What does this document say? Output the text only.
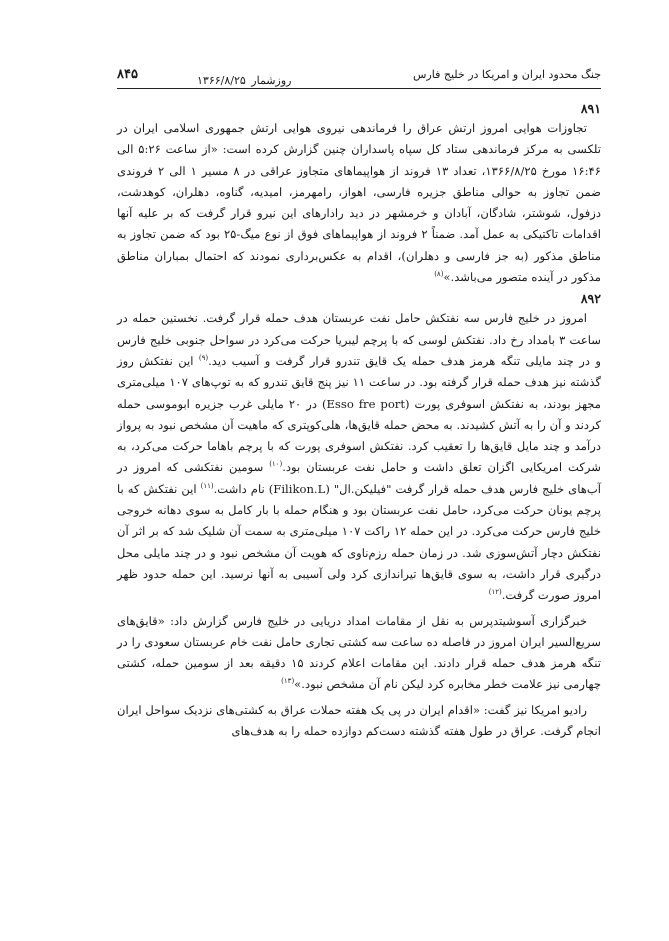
جنگ محدود ایران و امریکا در خلیج فارس
روزشمار ۱۳۶۶/۸/۲۵
۸۴۵
۸۹۱

تجاوزات هوایی امروز ارتش عراق را فرماندهی نیروی هوایی ارتش جمهوری اسلامی ایران در تلکسی به مرکز فرماندهی ستاد کل سپاه پاسداران چنین گزارش کرده است: «از ساعت ۵:۲۶ الی ۱۶:۴۶ مورخ ۱۳۶۶/۸/۲۵، تعداد ۱۳ فروند از هواپیماهای متجاوز عراقی در ۸ مسیر ۱ الی ۲ فروندی ضمن تجاوز به حوالی مناطق جزیره فارسی، اهواز، رامهرمز، امیدیه، گناوه، دهلران، کوهدشت، دزفول، شوشتر، شادگان، آبادان و خرمشهر در دید رادارهای این نیرو قرار گرفت که بر علیه آنها اقدامات تاکتیکی به عمل آمد. ضمناً ۲ فروند از هواپیماهای فوق از نوع میگ-۲۵ بود که ضمن تجاوز به مناطق مذکور (به جز فارسی و دهلران)، اقدام به عکس‌برداری نمودند که احتمال بمباران مناطق مذکور در آینده متصور می‌باشد.»$^{(۸)}$

۸۹۲

امروز در خلیج فارس سه نفتکش حامل نفت عربستان هدف حمله قرار گرفت. نخستین حمله در ساعت ۳ بامداد رخ داد. نفتکش لوسی که با پرچم لیبریا حرکت می‌کرد در سواحل جنوبی خلیج فارس و در چند مایلی تنگه هرمز هدف حمله یک قایق تندرو قرار گرفت و آسیب دید.$^{(۹)}$ این نفتکش روز گذشته نیز هدف حمله قرار گرفته بود. در ساعت ۱۱ نیز پنج قایق تندرو که به توپ‌های ۱۰۷ میلی‌متری مجهز بودند، به نفتکش اسوفری پورت (Esso fre port) در ۲۰ مایلی غرب جزیره ابوموسی حمله کردند و آن را به آتش کشیدند. به محض حمله قایق‌ها، هلی‌کوپتری که ماهیت آن مشخص نبود به پرواز درآمد و چند مایل قایق‌ها را تعقیب کرد. نفتکش اسوفری پورت که با پرچم باهاما حرکت می‌کرد، به شرکت امریکایی اگزان تعلق داشت و حامل نفت عربستان بود.$^{(۱۰)}$ سومین نفتکشی که امروز در آب‌های خلیج فارس هدف حمله قرار گرفت "فیلیکن.ال" (Filikon.L) نام داشت.$^{(۱۱)}$ این نفتکش که با پرچم یونان حرکت می‌کرد، حامل نفت عربستان بود و هنگام حمله با بار کامل به سوی دهانه خروجی خلیج فارس حرکت می‌کرد. در این حمله ۱۲ راکت ۱۰۷ میلی‌متری به سمت آن شلیک شد که بر اثر آن نفتکش دچار آتش‌سوزی شد. در زمان حمله رزم‌ناوی که هویت آن مشخص نبود و در چند مایلی محل درگیری قرار داشت، به سوی قایق‌ها تیراندازی کرد ولی آسیبی به آنها نرسید. این حمله حدود ظهر امروز صورت گرفت.$^{(۱۲)}$

خبرگزاری آسوشیتدپرس به نقل از مقامات امداد دریایی در خلیج فارس گزارش داد: «قایق‌های سریع‌السیر ایران امروز در فاصله ده ساعت سه کشتی تجاری حامل نفت خام عربستان سعودی را در تنگه هرمز هدف حمله قرار دادند. این مقامات اعلام کردند ۱۵ دقیقه بعد از سومین حمله، کشتی چهارمی نیز علامت خطر مخابره کرد لیکن نام آن مشخص نبود.»$^{(۱۳)}$

رادیو امریکا نیز گفت: «اقدام ایران در پی یک هفته حملات عراق به کشتی‌های نزدیک سواحل ایران انجام گرفت. عراق در طول هفته گذشته دست‌کم دوازده حمله را به هدف‌های
